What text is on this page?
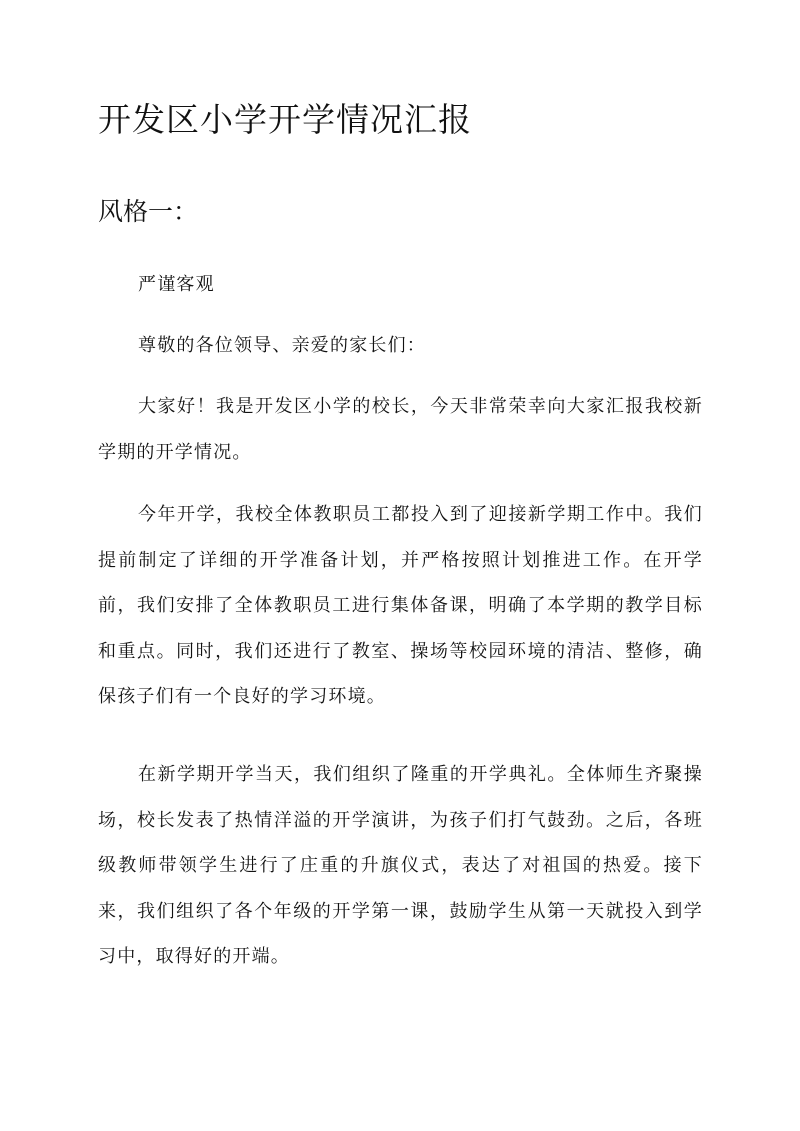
开发区小学开学情况汇报
风格一：

严谨客观

尊敬的各位领导、亲爱的家长们：

大家好！我是开发区小学的校长，今天非常荣幸向大家汇报我校新学期的开学情况。

今年开学，我校全体教职员工都投入到了迎接新学期工作中。我们提前制定了详细的开学准备计划，并严格按照计划推进工作。在开学前，我们安排了全体教职员工进行集体备课，明确了本学期的教学目标和重点。同时，我们还进行了教室、操场等校园环境的清洁、整修，确保孩子们有一个良好的学习环境。

在新学期开学当天，我们组织了隆重的开学典礼。全体师生齐聚操场，校长发表了热情洋溢的开学演讲，为孩子们打气鼓劲。之后，各班级教师带领学生进行了庄重的升旗仪式，表达了对祖国的热爱。接下来，我们组织了各个年级的开学第一课，鼓励学生从第一天就投入到学习中，取得好的开端。
